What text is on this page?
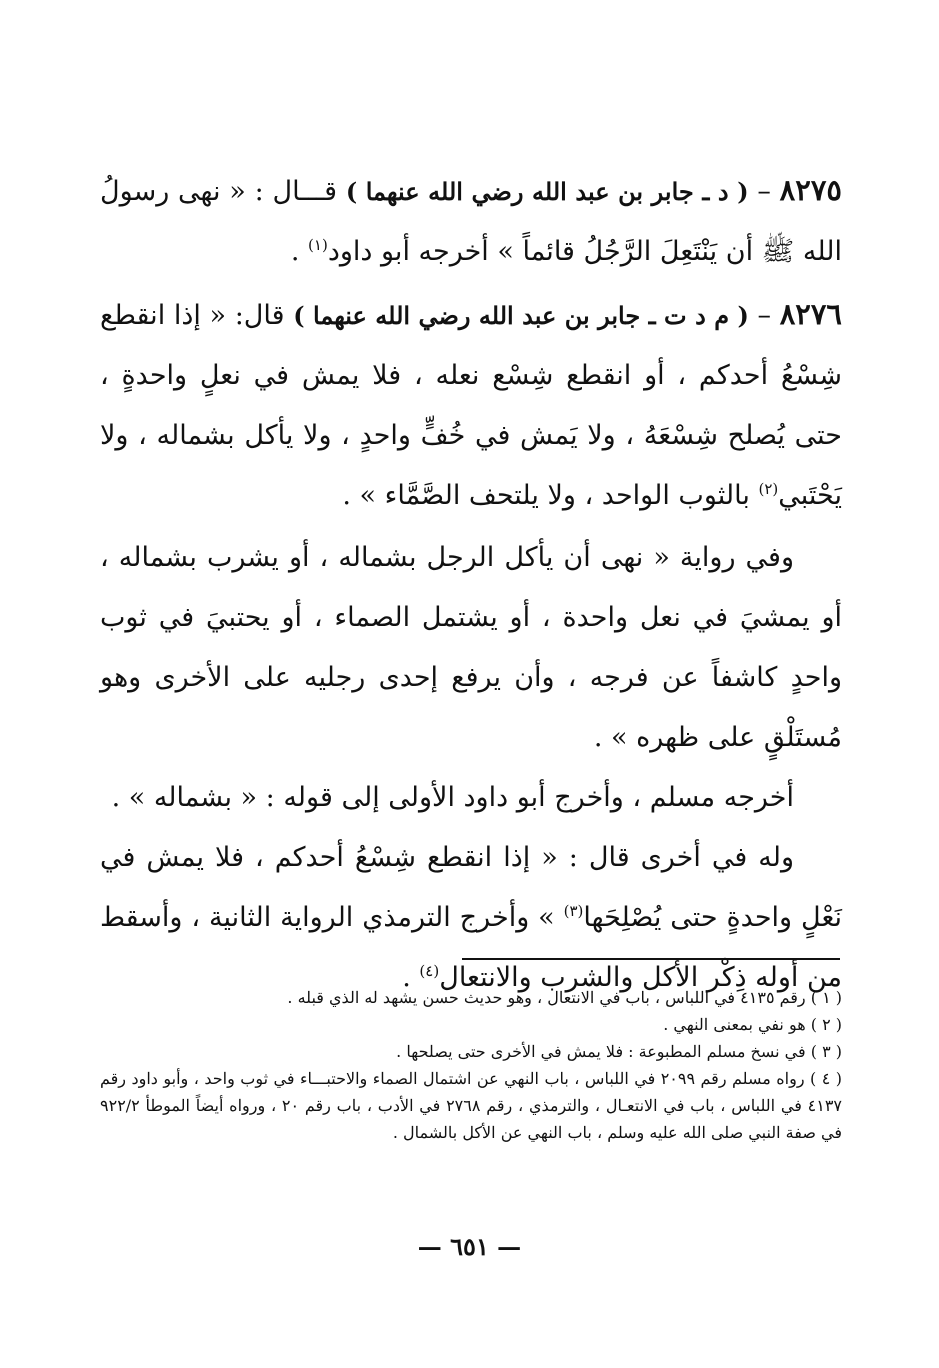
٨٢٧٥ – ( د ـ جابر بن عبد الله رضي الله عنهما ) قـــال : « نهى رسولُ الله ﷺ أن يَنْتَعِلَ الرَّجُلُ قائماً » أخرجه أبو داود$^{(١)}$ .

٨٢٧٦ – ( م د ت ـ جابر بن عبد الله رضي الله عنهما ) قال: « إذا انقطع شِسْعُ أحدكم ، أو انقطع شِسْع نعله ، فلا يمش في نعلٍ واحدةٍ ، حتى يُصلح شِسْعَهُ ، ولا يَمش في خُفٍّ واحدٍ ، ولا يأكل بشماله ، ولا يَحْتَبي$^{(٢)}$ بالثوب الواحد ، ولا يلتحف الصَّمَّاء » .

وفي رواية « نهى أن يأكل الرجل بشماله ، أو يشرب بشماله ، أو يمشيَ في نعل واحدة ، أو يشتمل الصماء ، أو يحتبيَ في ثوب واحدٍ كاشفاً عن فرجه ، وأن يرفع إحدى رجليه على الأخرى وهو مُستَلْقٍ على ظهره » .

أخرجه مسلم ، وأخرج أبو داود الأولى إلى قوله : « بشماله » .

وله في أخرى قال : « إذا انقطع شِسْعُ أحدكم ، فلا يمش في نَعْلٍ واحدةٍ حتى يُصْلِحَها$^{(٣)}$ » وأخرج الترمذي الرواية الثانية ، وأسقط من أوله ذِكْر الأكل والشرب والانتعال$^{(٤)}$ .

( ١ ) رقم ٤١٣٥ في اللباس ، باب في الانتعال ، وهو حديث حسن يشهد له الذي قبله .

( ٢ ) هو نفي بمعنى النهي .

( ٣ ) في نسخ مسلم المطبوعة : فلا يمش في الأخرى حتى يصلحها .

( ٤ ) رواه مسلم رقم ٢٠٩٩ في اللباس ، باب النهي عن اشتمال الصماء والاحتبـــاء في ثوب واحد ، وأبو داود رقم ٤١٣٧ في اللباس ، باب في الانتعـال ، والترمذي ، رقم ٢٧٦٨ في الأدب ، باب رقم ٢٠ ، ورواه أيضاً الموطأ ٩٢٢/٢ في صفة النبي صلى الله عليه وسلم ، باب النهي عن الأكل بالشمال .

— ٦٥١ —
